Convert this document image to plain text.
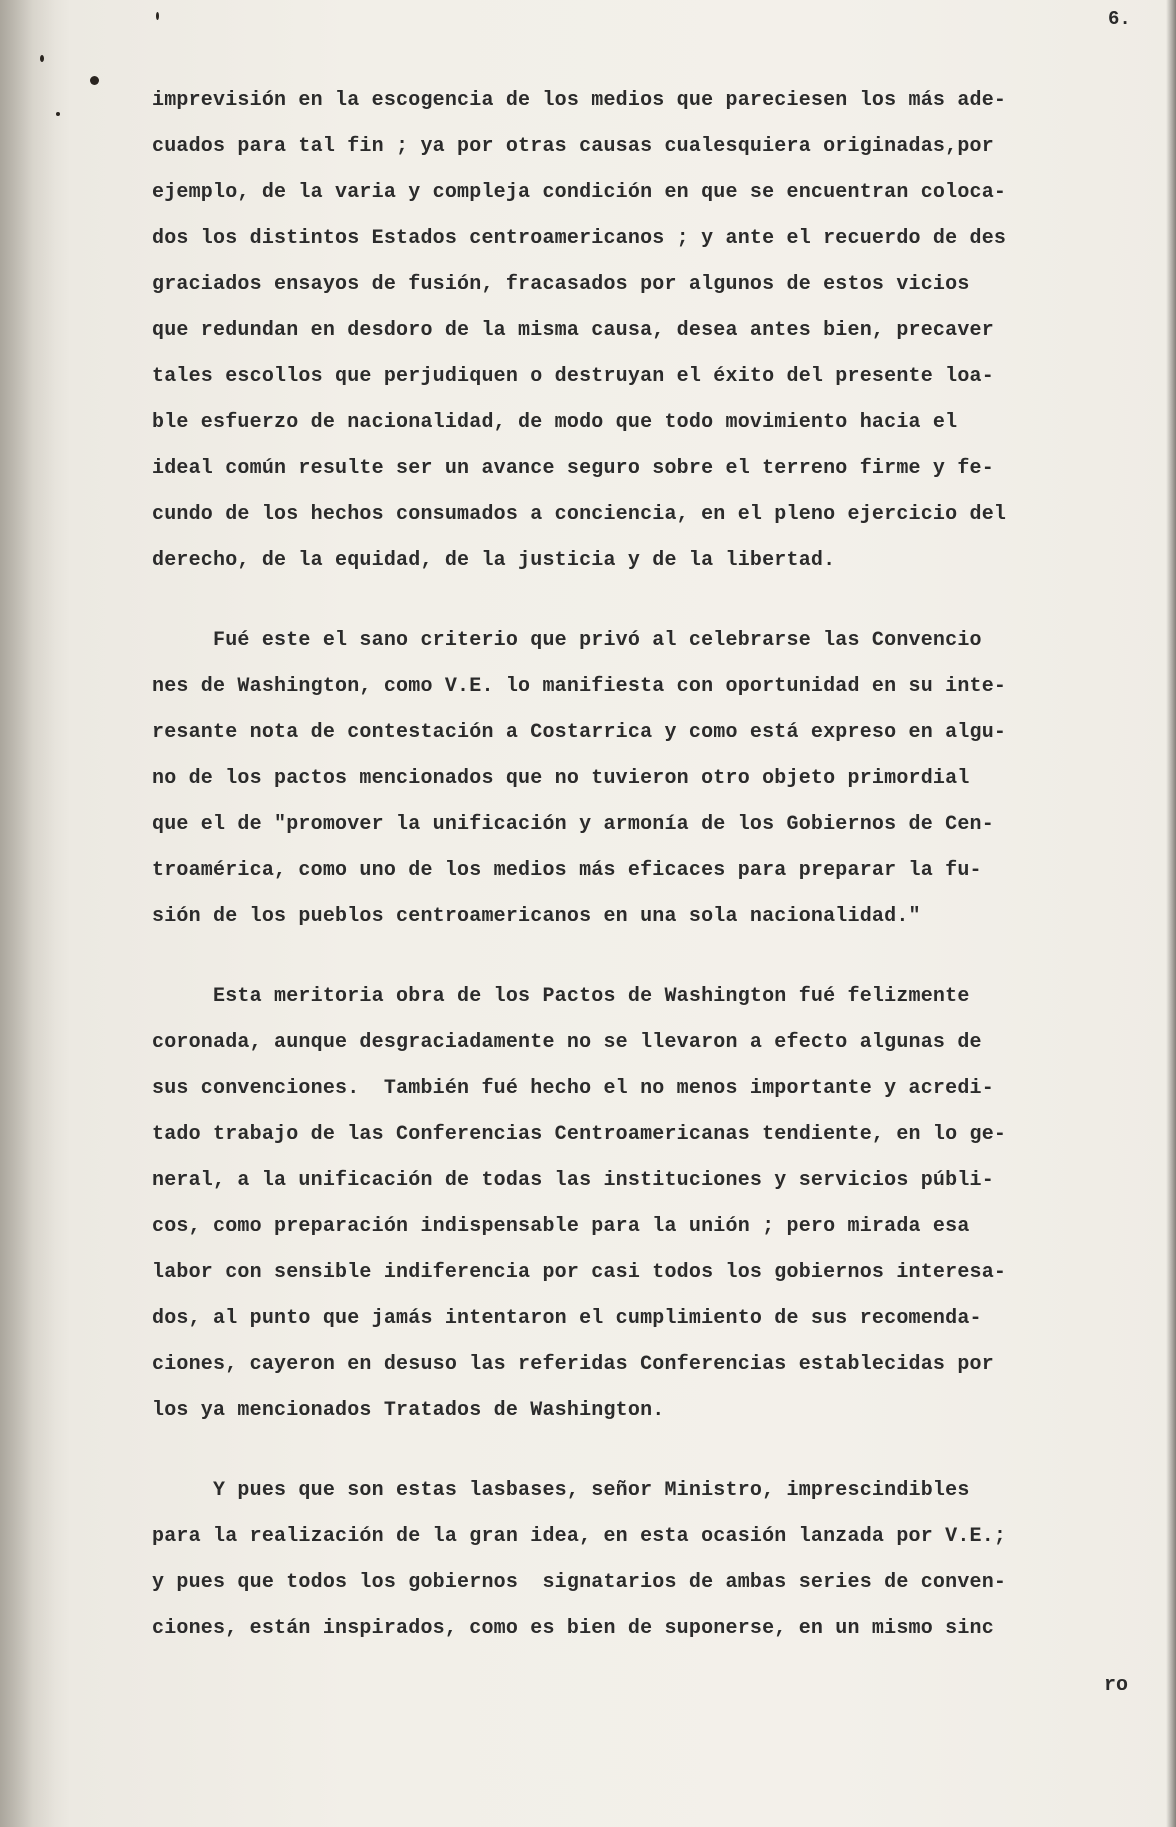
6.
imprevisión en la escogencia de los medios que pareciesen los más ade-
cuados para tal fin ; ya por otras causas cualesquiera originadas,por
ejemplo, de la varia y compleja condición en que se encuentran coloca-
dos los distintos Estados centroamericanos ; y ante el recuerdo de des
graciados ensayos de fusión, fracasados por algunos de estos vicios
que redundan en desdoro de la misma causa, desea antes bien, precaver
tales escollos que perjudiquen o destruyan el éxito del presente loa-
ble esfuerzo de nacionalidad, de modo que todo movimiento hacia el
ideal común resulte ser un avance seguro sobre el terreno firme y fe-
cundo de los hechos consumados a conciencia, en el pleno ejercicio del
derecho, de la equidad, de la justicia y de la libertad.
Fué este el sano criterio que privó al celebrarse las Convencio
nes de Washington, como V.E. lo manifiesta con oportunidad en su inte-
resante nota de contestación a Costarrica y como está expreso en algu-
no de los pactos mencionados que no tuvieron otro objeto primordial
que el de "promover la unificación y armonía de los Gobiernos de Cen-
troamérica, como uno de los medios más eficaces para preparar la fu-
sión de los pueblos centroamericanos en una sola nacionalidad."
Esta meritoria obra de los Pactos de Washington fué felizmente
coronada, aunque desgraciadamente no se llevaron a efecto algunas de
sus convenciones.  También fué hecho el no menos importante y acredi-
tado trabajo de las Conferencias Centroamericanas tendiente, en lo ge-
neral, a la unificación de todas las instituciones y servicios públi-
cos, como preparación indispensable para la unión ; pero mirada esa
labor con sensible indiferencia por casi todos los gobiernos interesa-
dos, al punto que jamás intentaron el cumplimiento de sus recomenda-
ciones, cayeron en desuso las referidas Conferencias establecidas por
los ya mencionados Tratados de Washington.
Y pues que son estas lasbases, señor Ministro, imprescindibles
para la realización de la gran idea, en esta ocasión lanzada por V.E.;
y pues que todos los gobiernos  signatarios de ambas series de conven-
ciones, están inspirados, como es bien de suponerse, en un mismo sinc
ro
